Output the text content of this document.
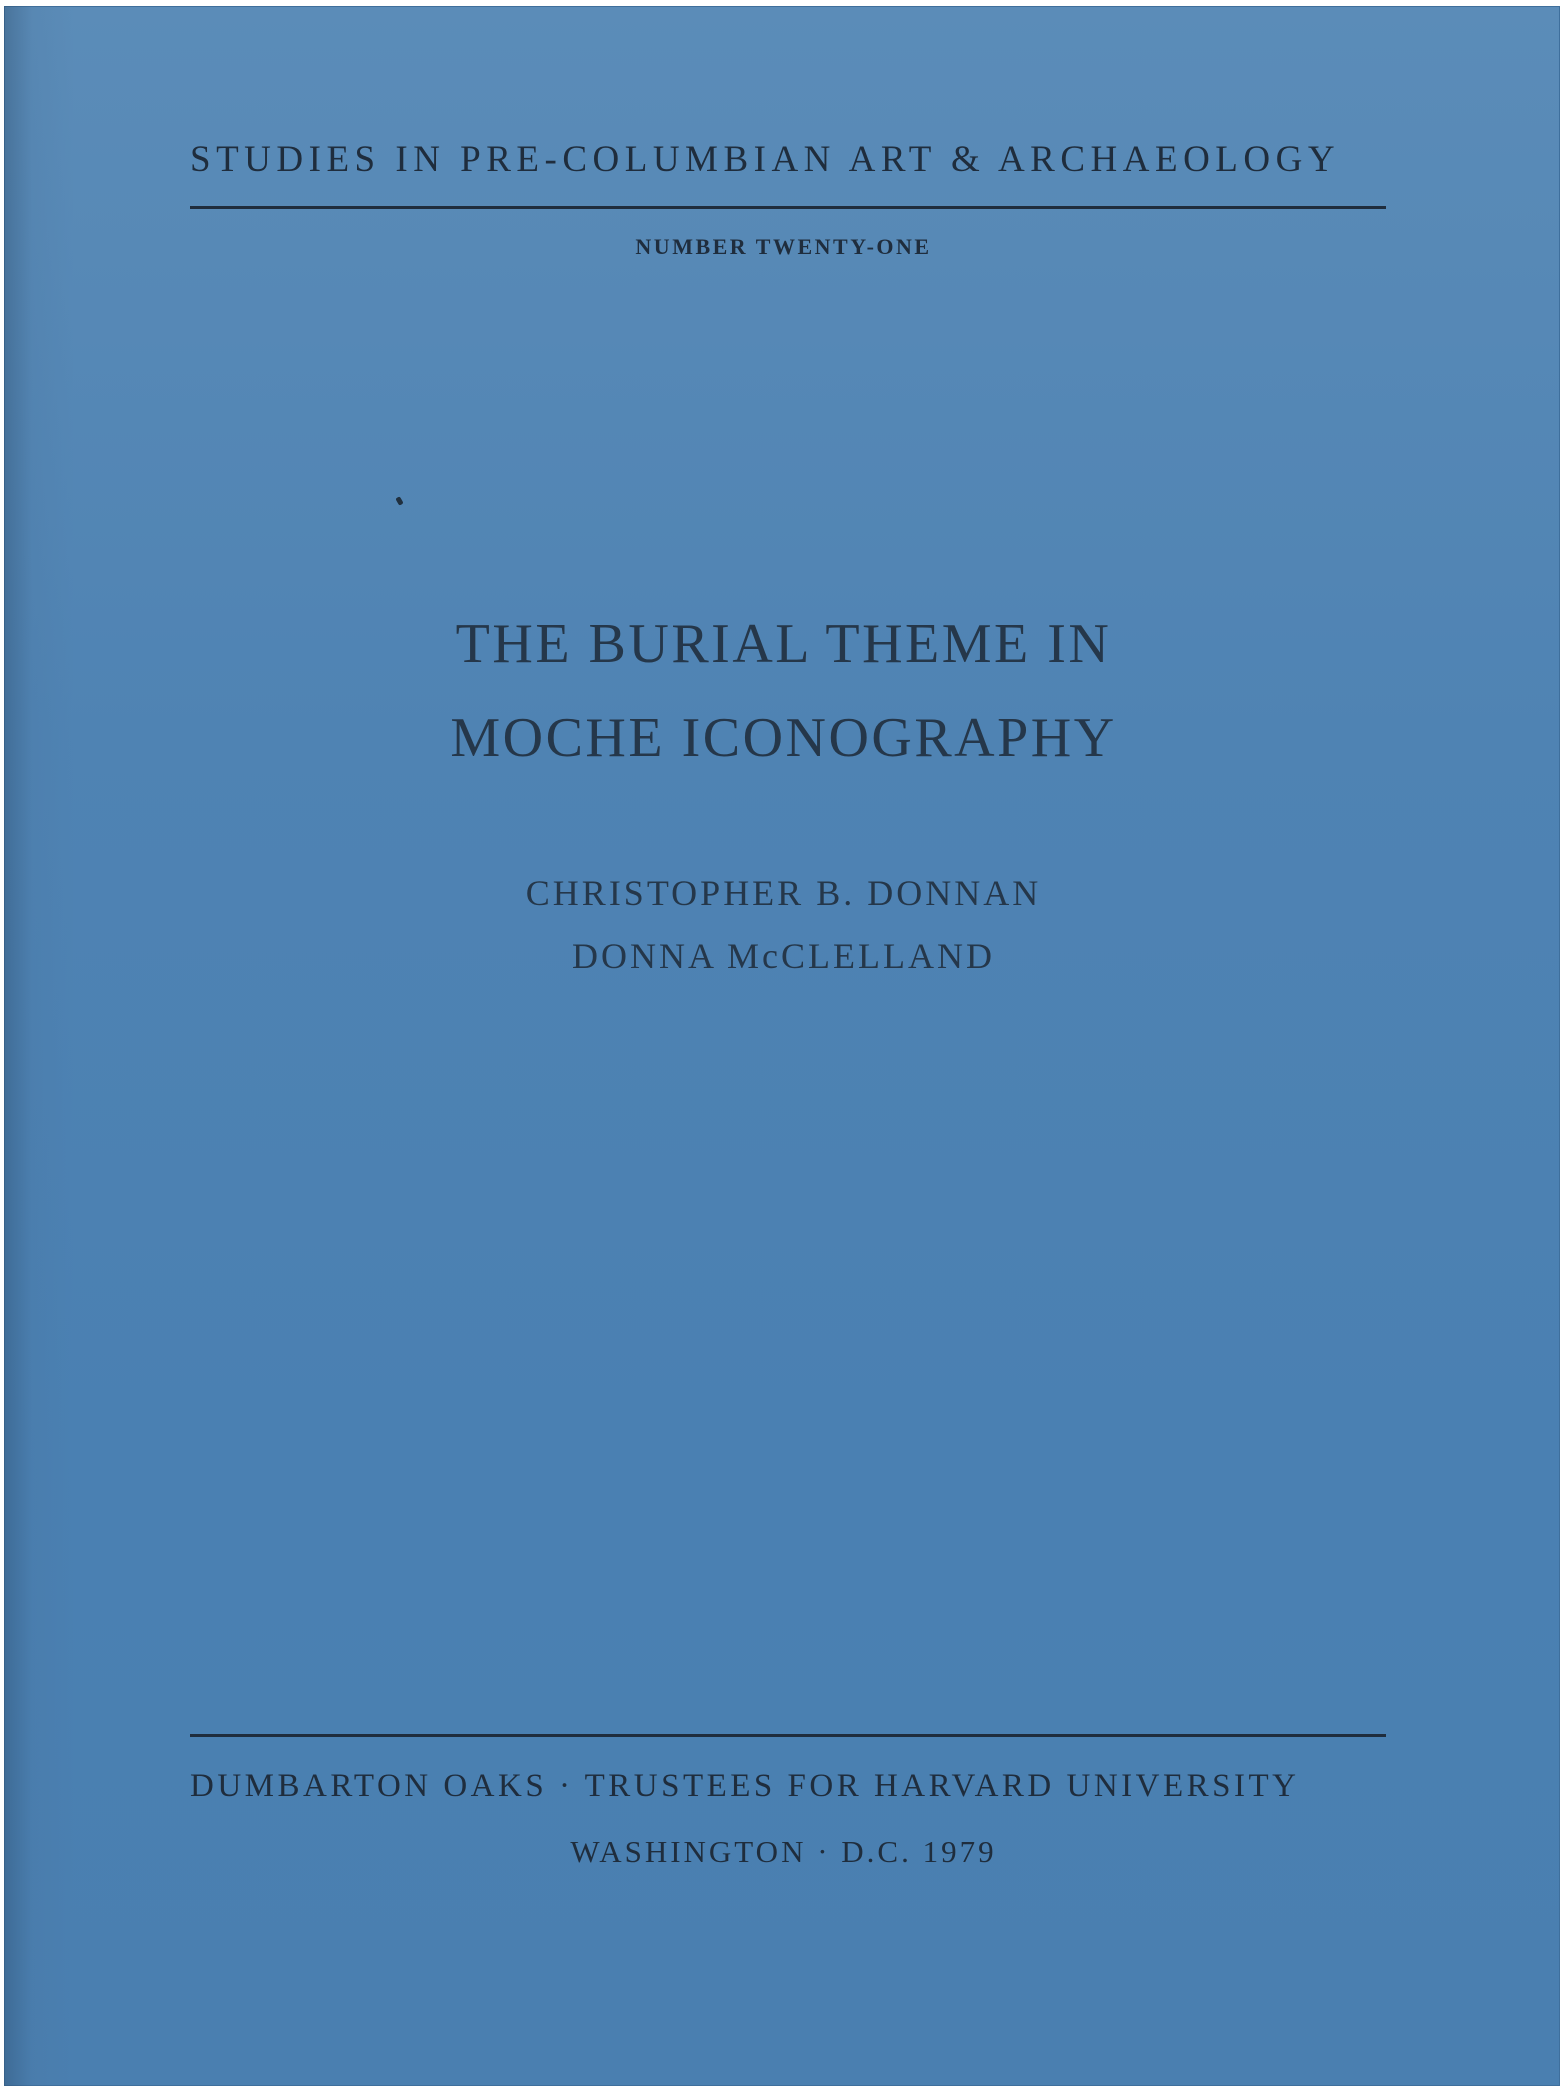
STUDIES IN PRE-COLUMBIAN ART & ARCHAEOLOGY
NUMBER TWENTY-ONE
THE BURIAL THEME IN
MOCHE ICONOGRAPHY
CHRISTOPHER B. DONNAN
DONNA McCLELLAND
DUMBARTON OAKS · TRUSTEES FOR HARVARD UNIVERSITY
WASHINGTON · D.C. 1979
